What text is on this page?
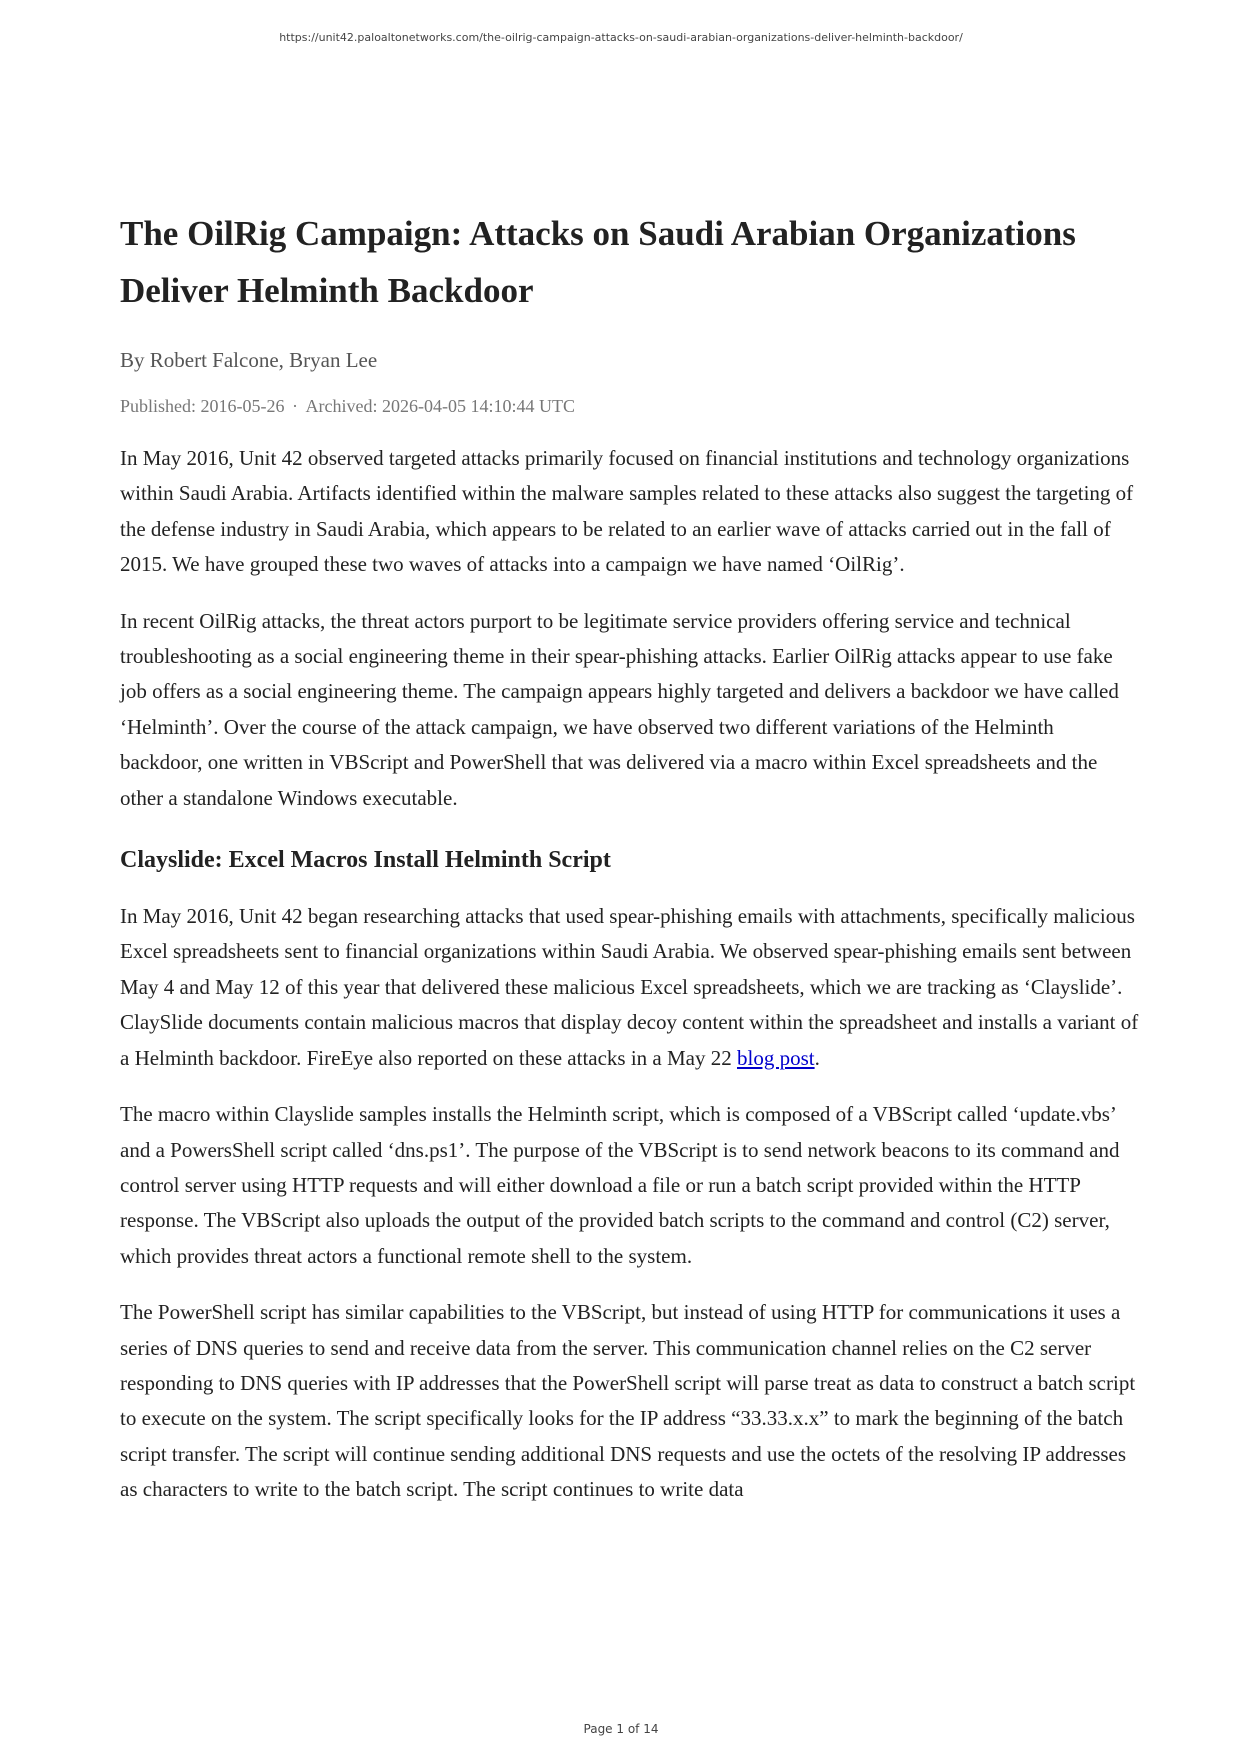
https://unit42.paloaltonetworks.com/the-oilrig-campaign-attacks-on-saudi-arabian-organizations-deliver-helminth-backdoor/
The OilRig Campaign: Attacks on Saudi Arabian Organizations Deliver Helminth Backdoor

By Robert Falcone, Bryan Lee

Published: 2016-05-26 · Archived: 2026-04-05 14:10:44 UTC

In May 2016, Unit 42 observed targeted attacks primarily focused on financial institutions and technology organizations within Saudi Arabia. Artifacts identified within the malware samples related to these attacks also suggest the targeting of the defense industry in Saudi Arabia, which appears to be related to an earlier wave of attacks carried out in the fall of 2015. We have grouped these two waves of attacks into a campaign we have named ‘OilRig’.

In recent OilRig attacks, the threat actors purport to be legitimate service providers offering service and technical troubleshooting as a social engineering theme in their spear-phishing attacks. Earlier OilRig attacks appear to use fake job offers as a social engineering theme. The campaign appears highly targeted and delivers a backdoor we have called ‘Helminth’. Over the course of the attack campaign, we have observed two different variations of the Helminth backdoor, one written in VBScript and PowerShell that was delivered via a macro within Excel spreadsheets and the other a standalone Windows executable.

Clayslide: Excel Macros Install Helminth Script

In May 2016, Unit 42 began researching attacks that used spear-phishing emails with attachments, specifically malicious Excel spreadsheets sent to financial organizations within Saudi Arabia. We observed spear-phishing emails sent between May 4 and May 12 of this year that delivered these malicious Excel spreadsheets, which we are tracking as ‘Clayslide’. ClaySlide documents contain malicious macros that display decoy content within the spreadsheet and installs a variant of a Helminth backdoor. FireEye also reported on these attacks in a May 22 blog post.

The macro within Clayslide samples installs the Helminth script, which is composed of a VBScript called ‘update.vbs’ and a PowersShell script called ‘dns.ps1’. The purpose of the VBScript is to send network beacons to its command and control server using HTTP requests and will either download a file or run a batch script provided within the HTTP response. The VBScript also uploads the output of the provided batch scripts to the command and control (C2) server, which provides threat actors a functional remote shell to the system.

The PowerShell script has similar capabilities to the VBScript, but instead of using HTTP for communications it uses a series of DNS queries to send and receive data from the server. This communication channel relies on the C2 server responding to DNS queries with IP addresses that the PowerShell script will parse treat as data to construct a batch script to execute on the system. The script specifically looks for the IP address “33.33.x.x” to mark the beginning of the batch script transfer. The script will continue sending additional DNS requests and use the octets of the resolving IP addresses as characters to write to the batch script. The script continues to write data

Page 1 of 14
